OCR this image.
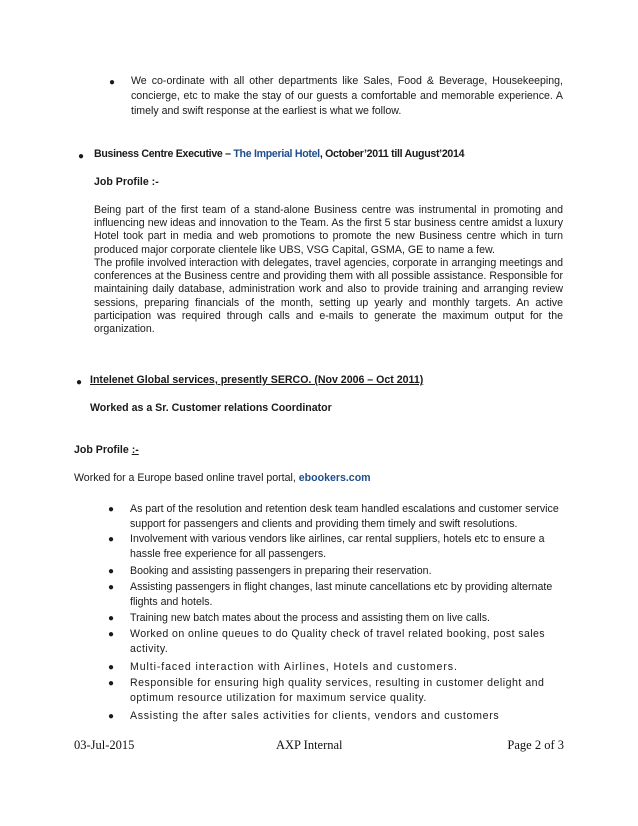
● We co-ordinate with all other departments like Sales, Food & Beverage, Housekeeping, concierge, etc to make the stay of our guests a comfortable and memorable experience. A timely and swift response at the earliest is what we follow.
● Business Centre Executive – The Imperial Hotel, October’2011 till August’2014
Job Profile :-
Being part of the first team of a stand-alone Business centre was instrumental in promoting and influencing new ideas and innovation to the Team. As the first 5 star business centre amidst a luxury Hotel took part in media and web promotions to promote the new Business centre which in turn produced major corporate clientele like UBS, VSG Capital, GSMA, GE to name a few.
The profile involved interaction with delegates, travel agencies, corporate in arranging meetings and conferences at the Business centre and providing them with all possible assistance. Responsible for maintaining daily database, administration work and also to provide training and arranging review sessions, preparing financials of the month, setting up yearly and monthly targets. An active participation was required through calls and e-mails to generate the maximum output for the organization.
● Intelenet Global services, presently SERCO. (Nov 2006 – Oct 2011)
Worked as a Sr. Customer relations Coordinator
Job Profile :-
Worked for a Europe based online travel portal, ebookers.com
● As part of the resolution and retention desk team handled escalations and customer service support for passengers and clients and providing them timely and swift resolutions.
● Involvement with various vendors like airlines, car rental suppliers, hotels etc to ensure a hassle free experience for all passengers.
● Booking and assisting passengers in preparing their reservation.
● Assisting passengers in flight changes, last minute cancellations etc by providing alternate flights and hotels.
● Training new batch mates about the process and assisting them on live calls.
● Worked on online queues to do Quality check of travel related booking, post sales activity.
● Multi-faced interaction with Airlines, Hotels and customers.
● Responsible for ensuring high quality services, resulting in customer delight and optimum resource utilization for maximum service quality.
● Assisting the after sales activities for clients, vendors and customers
03-Jul-2015	AXP Internal	Page 2 of 3
